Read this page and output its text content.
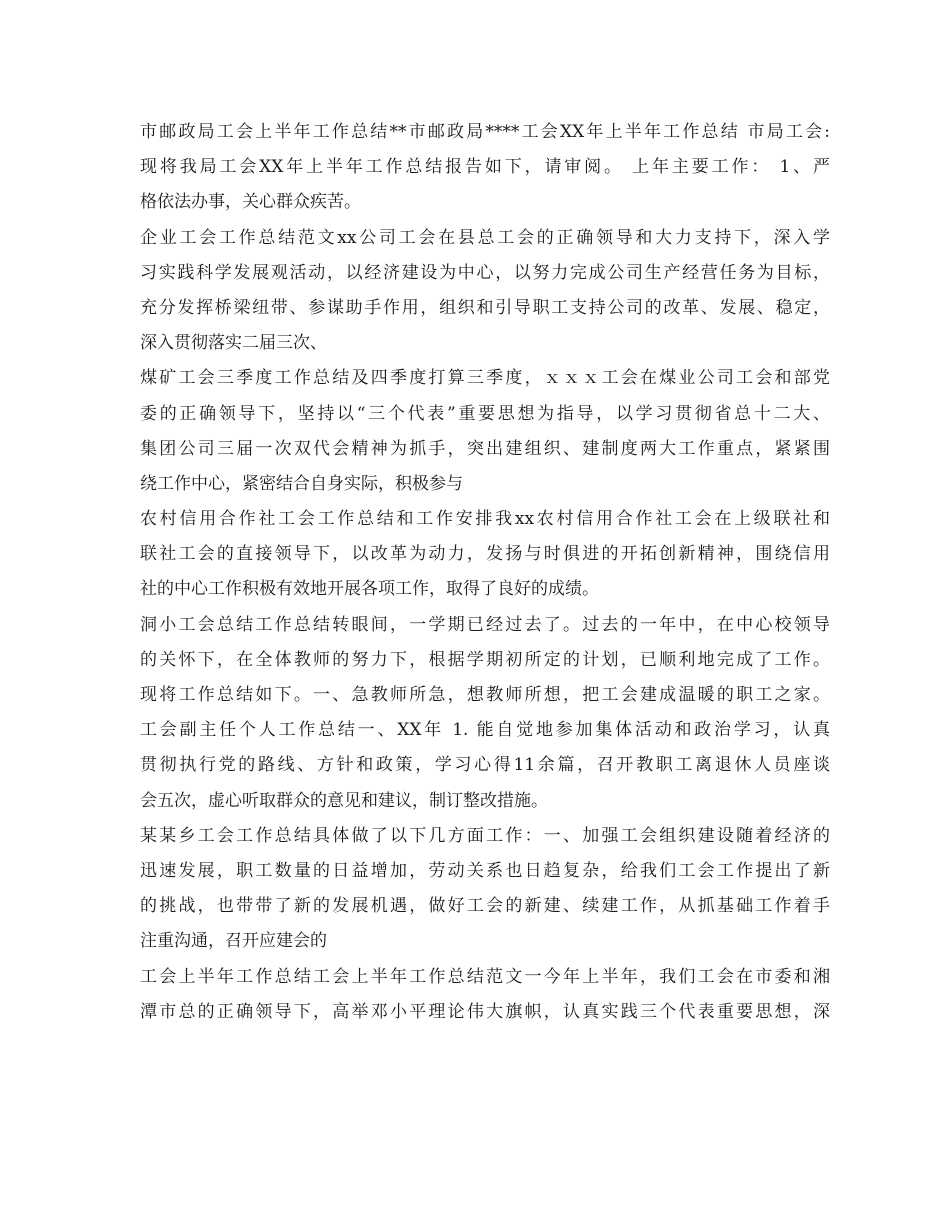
市邮政局工会上半年工作总结**市邮政局****工会XX年上半年工作总结 市局工会:
现将我局工会XX年上半年工作总结报告如下，请审阅。 上年主要工作： 1、严
格依法办事，关心群众疾苦。
企业工会工作总结范文xx公司工会在县总工会的正确领导和大力支持下，深入学
习实践科学发展观活动，以经济建设为中心，以努力完成公司生产经营任务为目标，
充分发挥桥梁纽带、参谋助手作用，组织和引导职工支持公司的改革、发展、稳定，
深入贯彻落实二届三次、
煤矿工会三季度工作总结及四季度打算三季度，ｘｘｘ工会在煤业公司工会和部党
委的正确领导下，坚持以“三个代表”重要思想为指导，以学习贯彻省总十二大、
集团公司三届一次双代会精神为抓手，突出建组织、建制度两大工作重点，紧紧围
绕工作中心，紧密结合自身实际，积极参与
农村信用合作社工会工作总结和工作安排我xx农村信用合作社工会在上级联社和
联社工会的直接领导下，以改革为动力，发扬与时俱进的开拓创新精神，围绕信用
社的中心工作积极有效地开展各项工作，取得了良好的成绩。
洞小工会总结工作总结转眼间，一学期已经过去了。过去的一年中，在中心校领导
的关怀下，在全体教师的努力下，根据学期初所定的计划，已顺利地完成了工作。
现将工作总结如下。一、急教师所急，想教师所想，把工会建成温暖的职工之家。
工会副主任个人工作总结一、XX年 1. 能自觉地参加集体活动和政治学习，认真
贯彻执行党的路线、方针和政策，学习心得11余篇，召开教职工离退休人员座谈
会五次，虚心听取群众的意见和建议，制订整改措施。
某某乡工会工作总结具体做了以下几方面工作：一、加强工会组织建设随着经济的
迅速发展，职工数量的日益增加，劳动关系也日趋复杂，给我们工会工作提出了新
的挑战，也带带了新的发展机遇，做好工会的新建、续建工作，从抓基础工作着手
注重沟通，召开应建会的
工会上半年工作总结工会上半年工作总结范文一今年上半年，我们工会在市委和湘
潭市总的正确领导下，高举邓小平理论伟大旗帜，认真实践三个代表重要思想，深
